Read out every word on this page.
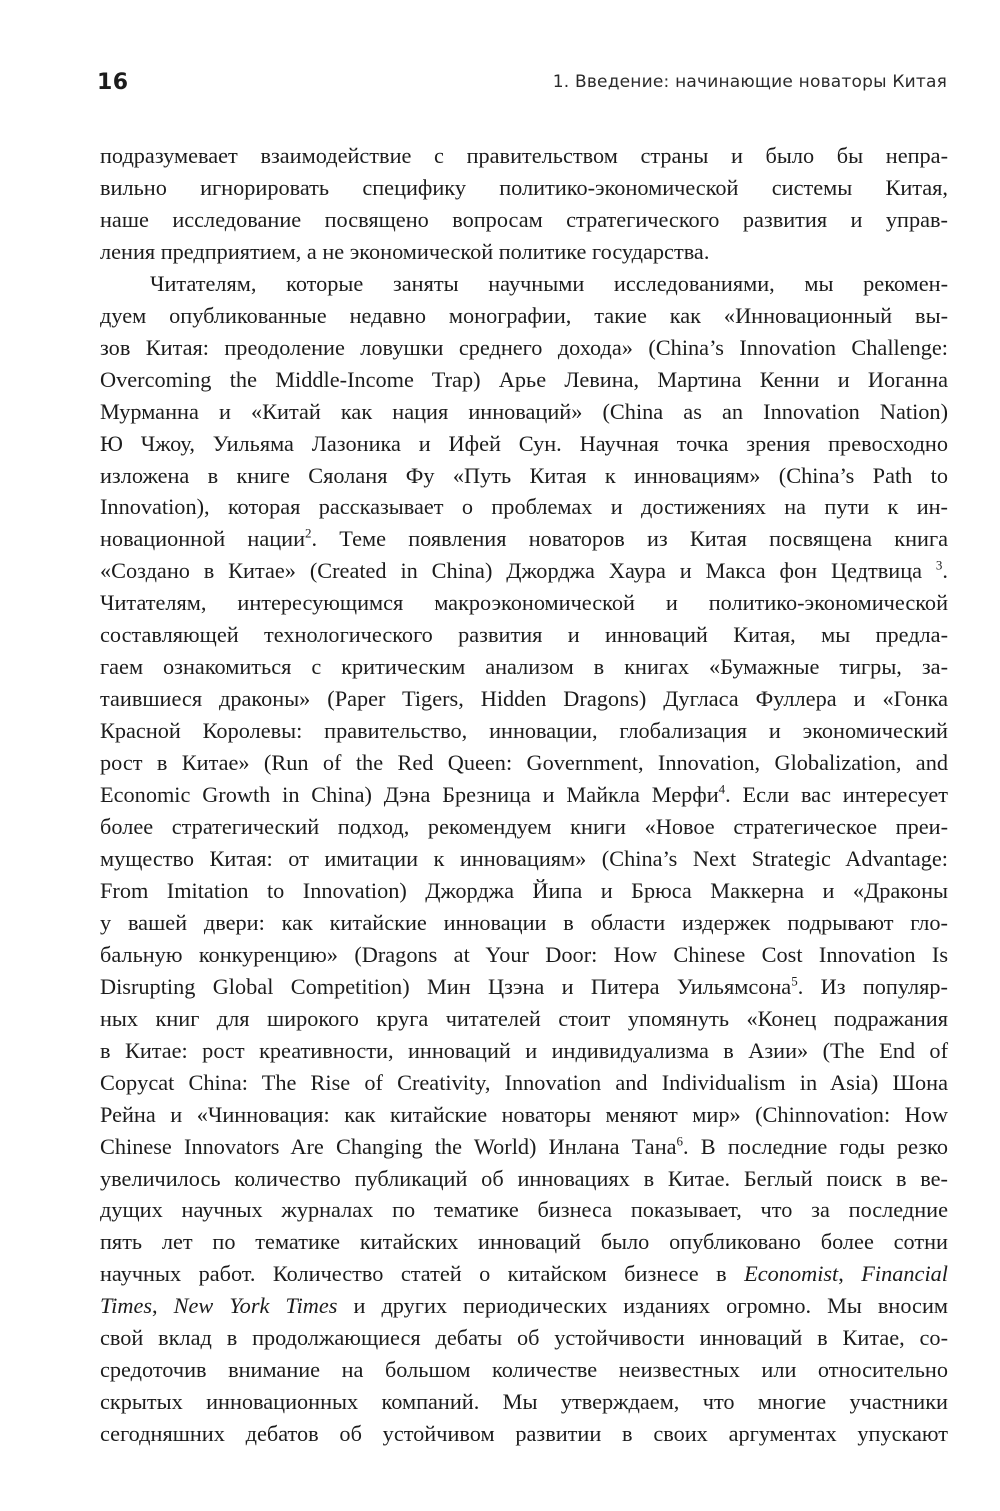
16	1. Введение: начинающие новаторы Китая

подразумевает взаимодействие с правительством страны и было бы непра-
вильно игнорировать специфику политико-экономической системы Китая,
наше исследование посвящено вопросам стратегического развития и управ-
ления предприятием, а не экономической политике государства.

Читателям, которые заняты научными исследованиями, мы рекомен-
дуем опубликованные недавно монографии, такие как «Инновационный вы-
зов Китая: преодоление ловушки среднего дохода» (China’s Innovation Challenge:
Overcoming the Middle-Income Trap) Арье Левина, Мартина Кенни и Иоганна
Мурманна и «Китай как нация инноваций» (China as an Innovation Nation)
Ю Чжоу, Уильяма Лазоника и Ифей Сун. Научная точка зрения превосходно
изложена в книге Сяоланя Фу «Путь Китая к инновациям» (China’s Path to
Innovation), которая рассказывает о проблемах и достижениях на пути к ин-
новационной нации$^2$. Теме появления новаторов из Китая посвящена книга
«Создано в Китае» (Created in China) Джорджа Хаура и Макса фон Цедтвица $^3$.
Читателям, интересующимся макроэкономической и политико-экономической
составляющей технологического развития и инноваций Китая, мы предла-
гаем ознакомиться с критическим анализом в книгах «Бумажные тигры, за-
таившиеся драконы» (Paper Tigers, Hidden Dragons) Дугласа Фуллера и «Гонка
Красной Королевы: правительство, инновации, глобализация и экономический
рост в Китае» (Run of the Red Queen: Government, Innovation, Globalization, and
Economic Growth in China) Дэна Брезница и Майкла Мерфи$^4$. Если вас интересует
более стратегический подход, рекомендуем книги «Новое стратегическое преи-
мущество Китая: от имитации к инновациям» (China’s Next Strategic Advantage:
From Imitation to Innovation) Джорджа Йипа и Брюса Маккерна и «Драконы
у вашей двери: как китайские инновации в области издержек подрывают гло-
бальную конкуренцию» (Dragons at Your Door: How Chinese Cost Innovation Is
Disrupting Global Competition) Мин Цзэна и Питера Уильямсона$^5$. Из популяр-
ных книг для широкого круга читателей стоит упомянуть «Конец подражания
в Китае: рост креативности, инноваций и индивидуализма в Азии» (The End of
Copycat China: The Rise of Creativity, Innovation and Individualism in Asia) Шона
Рейна и «Чинновация: как китайские новаторы меняют мир» (Chinnovation: How
Chinese Innovators Are Changing the World) Инлана Тана$^6$. В последние годы резко
увеличилось количество публикаций об инновациях в Китае. Беглый поиск в ве-
дущих научных журналах по тематике бизнеса показывает, что за последние
пять лет по тематике китайских инноваций было опубликовано более сотни
научных работ. Количество статей о китайском бизнесе в Economist, Financial
Times, New York Times и других периодических изданиях огромно. Мы вносим
свой вклад в продолжающиеся дебаты об устойчивости инноваций в Китае, со-
средоточив внимание на большом количестве неизвестных или относительно
скрытых инновационных компаний. Мы утверждаем, что многие участники
сегодняшних дебатов об устойчивом развитии в своих аргументах упускают
